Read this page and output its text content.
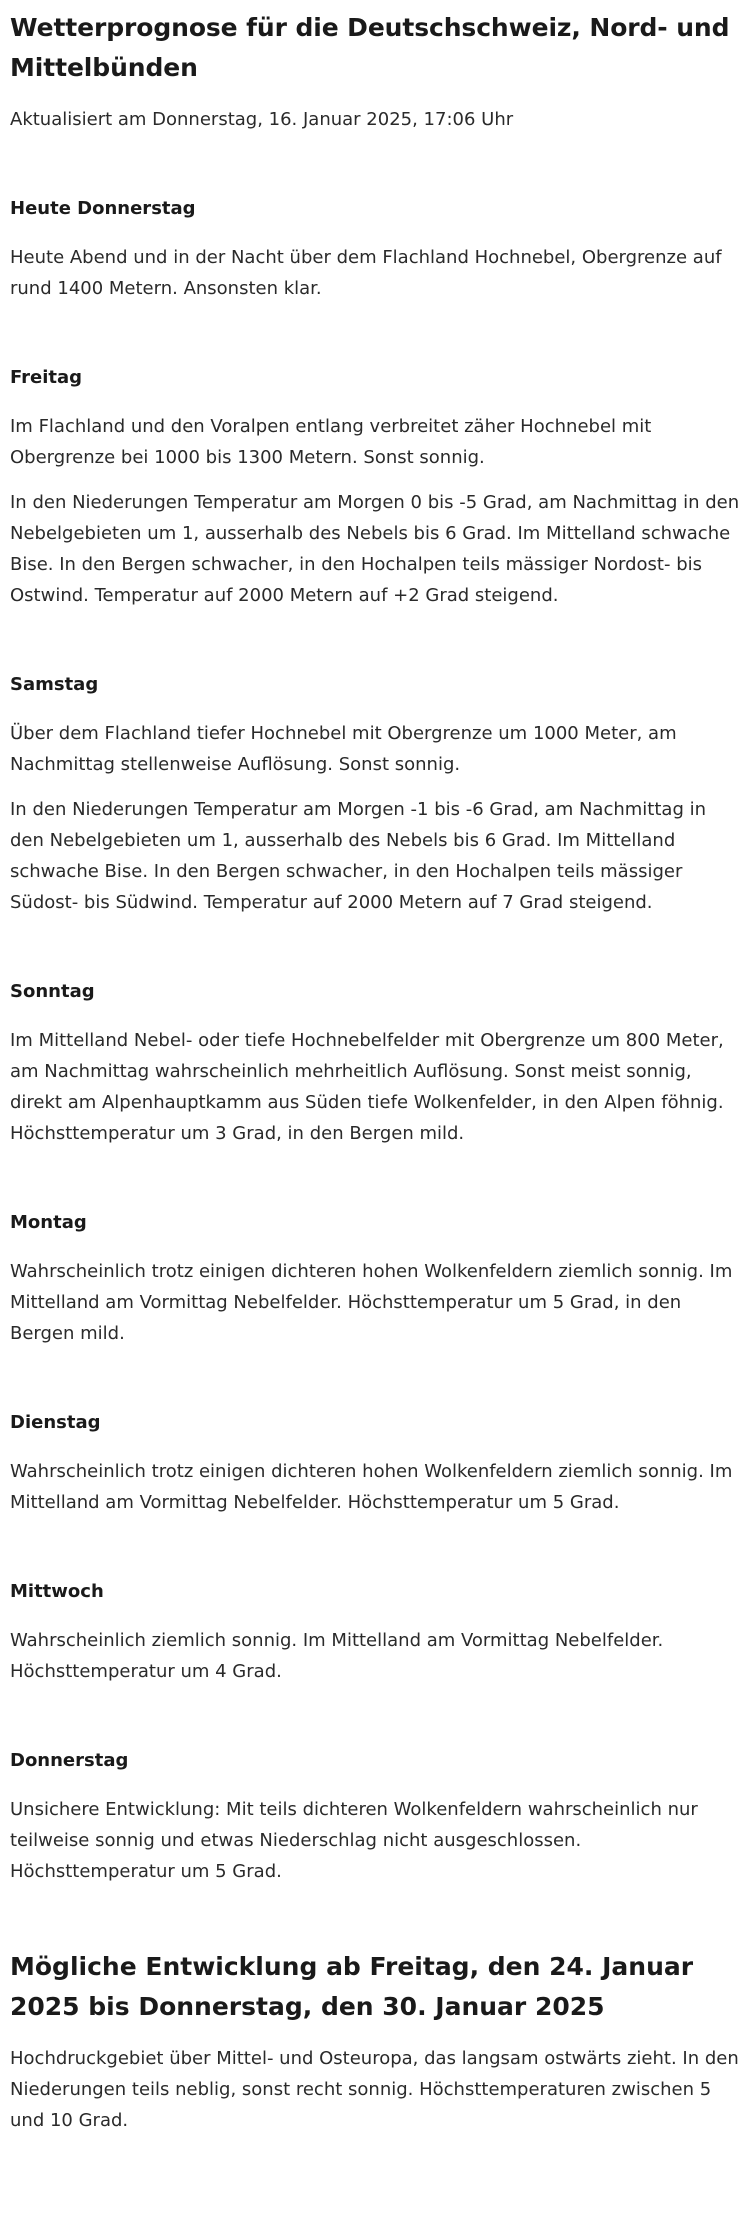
Wetterprognose für die Deutschschweiz, Nord- und Mittelbünden

Aktualisiert am Donnerstag, 16. Januar 2025, 17:06 Uhr

Heute Donnerstag

Heute Abend und in der Nacht über dem Flachland Hochnebel, Obergrenze auf rund 1400 Metern. Ansonsten klar.

Freitag

Im Flachland und den Voralpen entlang verbreitet zäher Hochnebel mit Obergrenze bei 1000 bis 1300 Metern. Sonst sonnig.

In den Niederungen Temperatur am Morgen 0 bis -5 Grad, am Nachmittag in den Nebelgebieten um 1, ausserhalb des Nebels bis 6 Grad. Im Mittelland schwache Bise. In den Bergen schwacher, in den Hochalpen teils mässiger Nordost- bis Ostwind. Temperatur auf 2000 Metern auf +2 Grad steigend.

Samstag

Über dem Flachland tiefer Hochnebel mit Obergrenze um 1000 Meter, am Nachmittag stellenweise Auflösung. Sonst sonnig.

In den Niederungen Temperatur am Morgen -1 bis -6 Grad, am Nachmittag in den Nebelgebieten um 1, ausserhalb des Nebels bis 6 Grad. Im Mittelland schwache Bise. In den Bergen schwacher, in den Hochalpen teils mässiger Südost- bis Südwind. Temperatur auf 2000 Metern auf 7 Grad steigend.

Sonntag

Im Mittelland Nebel- oder tiefe Hochnebelfelder mit Obergrenze um 800 Meter, am Nachmittag wahrscheinlich mehrheitlich Auflösung. Sonst meist sonnig, direkt am Alpenhauptkamm aus Süden tiefe Wolkenfelder, in den Alpen föhnig. Höchsttemperatur um 3 Grad, in den Bergen mild.

Montag

Wahrscheinlich trotz einigen dichteren hohen Wolkenfeldern ziemlich sonnig. Im Mittelland am Vormittag Nebelfelder. Höchsttemperatur um 5 Grad, in den Bergen mild.

Dienstag

Wahrscheinlich trotz einigen dichteren hohen Wolkenfeldern ziemlich sonnig. Im Mittelland am Vormittag Nebelfelder. Höchsttemperatur um 5 Grad.

Mittwoch

Wahrscheinlich ziemlich sonnig. Im Mittelland am Vormittag Nebelfelder. Höchsttemperatur um 4 Grad.

Donnerstag

Unsichere Entwicklung: Mit teils dichteren Wolkenfeldern wahrscheinlich nur teilweise sonnig und etwas Niederschlag nicht ausgeschlossen. Höchsttemperatur um 5 Grad.

Mögliche Entwicklung ab Freitag, den 24. Januar 2025 bis Donnerstag, den 30. Januar 2025

Hochdruckgebiet über Mittel- und Osteuropa, das langsam ostwärts zieht. In den Niederungen teils neblig, sonst recht sonnig. Höchsttemperaturen zwischen 5 und 10 Grad.
